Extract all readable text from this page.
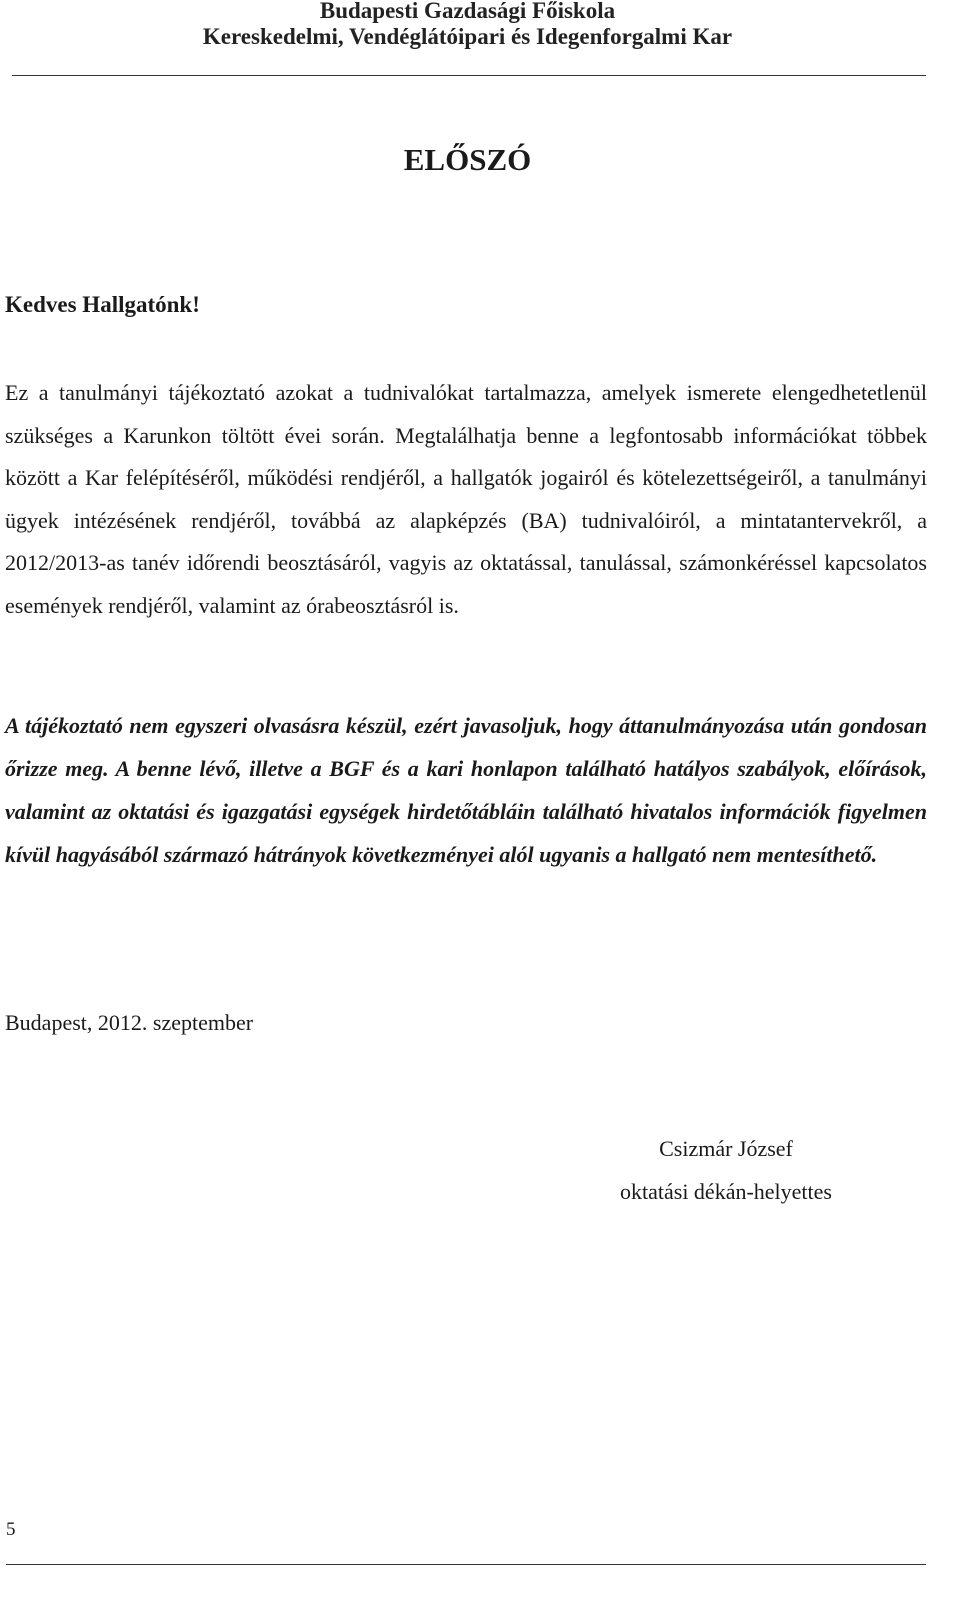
Budapesti Gazdasági Főiskola
Kereskedelmi, Vendéglátóipari és Idegenforgalmi Kar
ELŐSZÓ
Kedves Hallgatónk!
Ez a tanulmányi tájékoztató azokat a tudnivalókat tartalmazza, amelyek ismerete elengedhetetlenül szükséges a Karunkon töltött évei során. Megtalálhatja benne a legfontosabb információkat többek között a Kar felépítéséről, működési rendjéről, a hallgatók jogairól és kötelezettségeiről, a tanulmányi ügyek intézésének rendjéről, továbbá az alapképzés (BA) tudnivalóiról, a mintatantervekről, a 2012/2013-as tanév időrendi beosztásáról, vagyis az oktatással, tanulással, számonkéréssel kapcsolatos események rendjéről, valamint az órabeosztásról is.
A tájékoztató nem egyszeri olvasásra készül, ezért javasoljuk, hogy áttanulmányozása után gondosan őrizze meg. A benne lévő, illetve a BGF és a kari honlapon található hatályos szabályok, előírások, valamint az oktatási és igazgatási egységek hirdetőtábláin található hivatalos információk figyelmen kívül hagyásából származó hátrányok következményei alól ugyanis a hallgató nem mentesíthető.
Budapest, 2012. szeptember
Csizmár József
oktatási dékán-helyettes
5
